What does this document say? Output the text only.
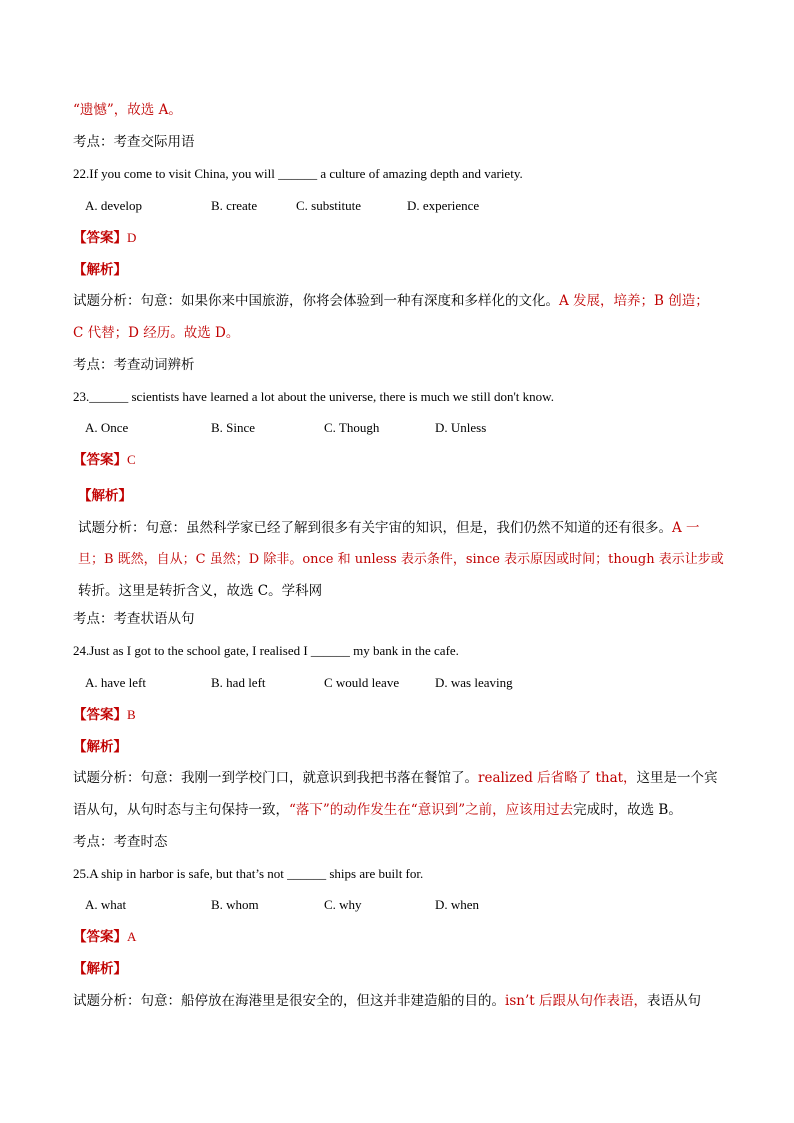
“遗憾”，故选 A。

考点：考查交际用语

22.If you come to visit China, you will ______ a culture of amazing depth and variety.

A. develop	B. create	C. substitute	D. experience

【答案】D

【解析】

试题分析：句意：如果你来中国旅游，你将会体验到一种有深度和多样化的文化。A 发展，培养；B 创造；

C 代替；D 经历。故选 D。

考点：考查动词辨析

23.______ scientists have learned a lot about the universe, there is much we still don't know.

A. Once	B. Since	C. Though	D. Unless

【答案】C

【解析】

试题分析：句意：虽然科学家已经了解到很多有关宇宙的知识，但是，我们仍然不知道的还有很多。A 一

旦；B 既然，自从；C 虽然；D 除非。once 和 unless 表示条件，since 表示原因或时间；though 表示让步或

转折。这里是转折含义，故选 C。学科网

考点：考查状语从句

24.Just as I got to the school gate, I realised I ______ my bank in the cafe.

A. have left	B. had left	C would leave	D. was leaving

【答案】B

【解析】

试题分析：句意：我刚一到学校门口，就意识到我把书落在餐馆了。realized 后省略了 that，这里是一个宾

语从句，从句时态与主句保持一致，“落下”的动作发生在“意识到”之前，应该用过去完成时，故选 B。

考点：考查时态

25.A ship in harbor is safe, but that’s not ______ ships are built for.

A. what	B. whom	C. why	D. when

【答案】A

【解析】

试题分析：句意：船停放在海港里是很安全的，但这并非建造船的目的。isn’t 后跟从句作表语，表语从句
